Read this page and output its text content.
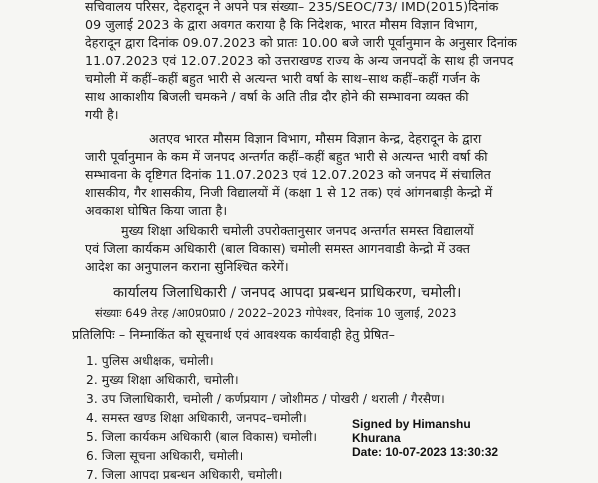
सचिवालय परिसर, देहरादून ने अपने पत्र संख्या– 235/SEOC/73/ IMD(2015)दिनांक
09 जुलाई 2023 के द्वारा अवगत कराया है कि निदेशक, भारत मौसम विज्ञान विभाग,
देहरादून द्वारा दिनांक 09.07.2023 को प्रातः 10.00 बजे जारी पूर्वानुमान के अनुसार दिनांक
11.07.2023 एवं 12.07.2023 को उत्तराखण्ड राज्य के अन्य जनपदों के साथ ही जनपद
चमोली में कहीं–कहीं बहुत भारी से अत्यन्त भारी वर्षा के साथ–साथ कहीं–कहीं गर्जन के
साथ आकाशीय बिजली चमकने / वर्षा के अति तीव्र दौर होने की सम्भावना व्यक्त की
गयी है।
अतएव भारत मौसम विज्ञान विभाग, मौसम विज्ञान केन्द्र, देहरादून के द्वारा
जारी पूर्वानुमान के कम में जनपद अन्तर्गत कहीं–कहीं बहुत भारी से अत्यन्त भारी वर्षा की
सम्भावना के दृष्टिगत दिनांक 11.07.2023 एवं 12.07.2023 को जनपद में संचालित
शासकीय, गैर शासकीय, निजी विद्यालयों में (कक्षा 1 से 12 तक) एवं आंगनबाड़ी केन्द्रो में
अवकाश घोषित किया जाता है।
मुख्य शिक्षा अधिकारी चमोली उपरोक्तानुसार जनपद अन्तर्गत समस्त विद्यालयों
एवं जिला कार्यकम अधिकारी (बाल विकास) चमोली समस्त आगनवाडी केन्द्रो में उक्त
आदेश का अनुपालन कराना सुनिश्चित करेगें।
कार्यालय जिलाधिकारी / जनपद आपदा प्रबन्धन प्राधिकरण, चमोली।
संख्याः 649 तेरह /आ0प्र0प्रा0 / 2022–2023 गोपेश्वर, दिनांक 10 जुलाई, 2023
प्रतिलिपिः – निम्नाकिंत को सूचनार्थ एवं आवश्यक कार्यवाही हेतु प्रेषित–
1. पुलिस अधीक्षक, चमोली।
2. मुख्य शिक्षा अधिकारी, चमोली।
3. उप जिलाधिकारी, चमोली / कर्णप्रयाग / जोशीमठ / पोखरी / थराली / गैरसैण।
4. समस्त खण्ड शिक्षा अधिकारी, जनपद–चमोली।
5. जिला कार्यकम अधिकारी (बाल विकास) चमोली।
6. जिला सूचना अधिकारी, चमोली।
7. जिला आपदा प्रबन्धन अधिकारी, चमोली।
Signed by Himanshu
Khurana
Date: 10-07-2023 13:30:32
